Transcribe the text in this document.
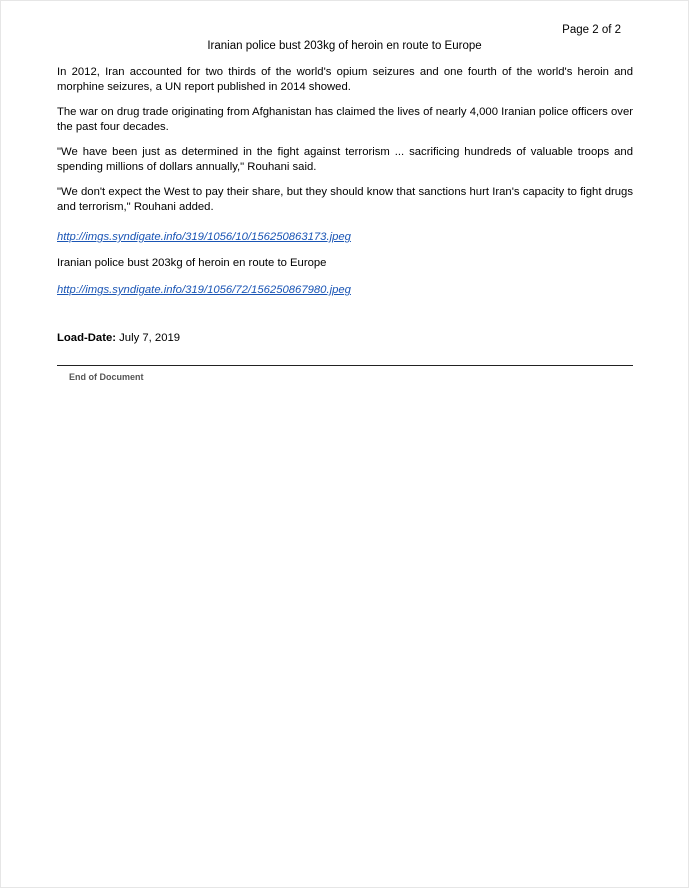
Page 2 of 2
Iranian police bust 203kg of heroin en route to Europe

In 2012, Iran accounted for two thirds of the world's opium seizures and one fourth of the world's heroin and morphine seizures, a UN report published in 2014 showed.

The war on drug trade originating from Afghanistan has claimed the lives of nearly 4,000 Iranian police officers over the past four decades.

"We have been just as determined in the fight against terrorism ... sacrificing hundreds of valuable troops and spending millions of dollars annually," Rouhani said.

"We don't expect the West to pay their share, but they should know that sanctions hurt Iran's capacity to fight drugs and terrorism," Rouhani added.

http://imgs.syndigate.info/319/1056/10/156250863173.jpeg

Iranian police bust 203kg of heroin en route to Europe

http://imgs.syndigate.info/319/1056/72/156250867980.jpeg

Load-Date: July 7, 2019

End of Document
